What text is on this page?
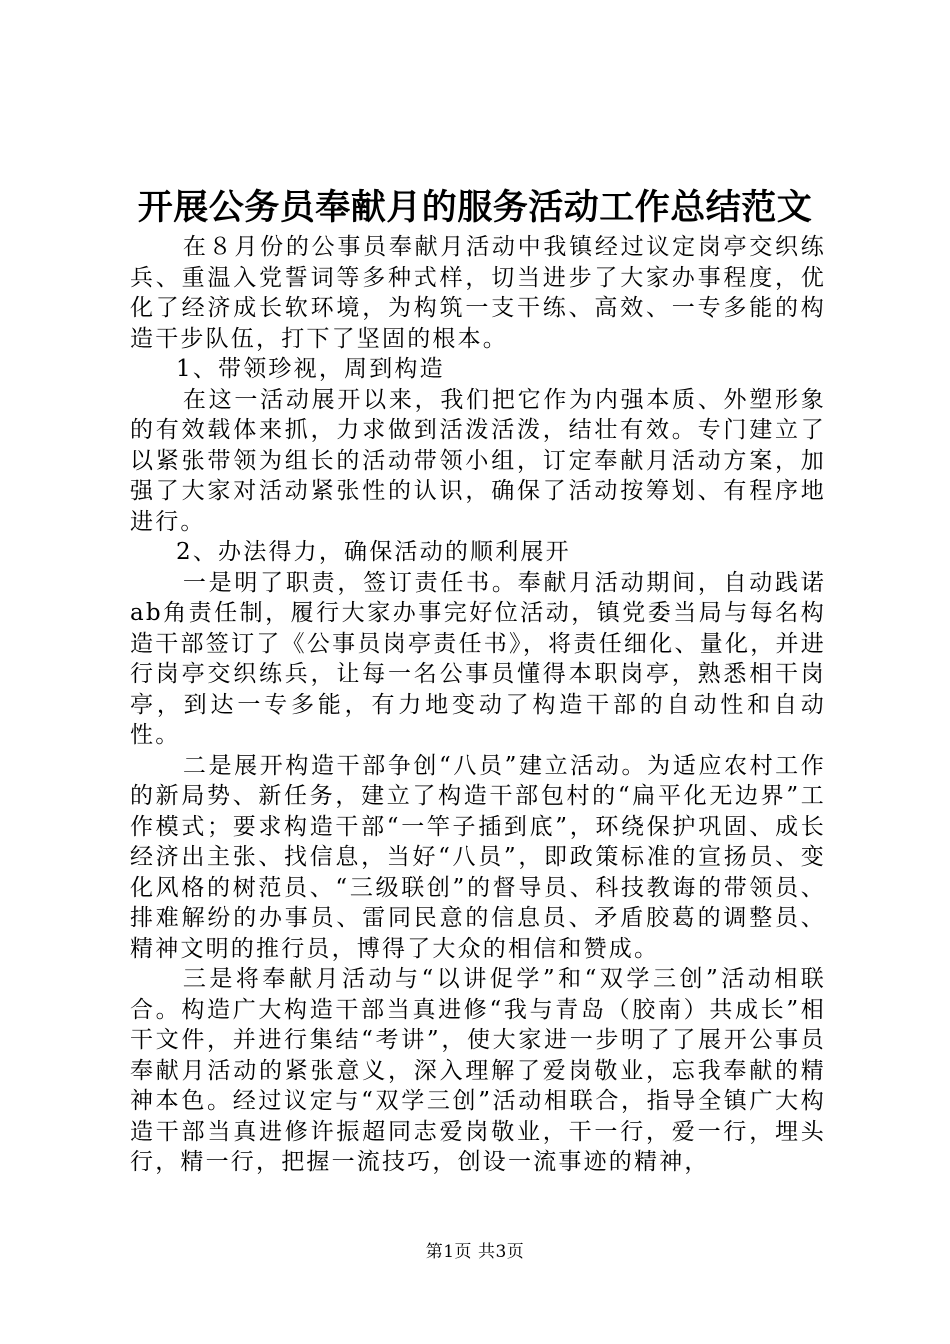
开展公务员奉献月的服务活动工作总结范文

在８月份的公事员奉献月活动中我镇经过议定岗亭交织练兵、重温入党誓词等多种式样，切当进步了大家办事程度，优化了经济成长软环境，为构筑一支干练、高效、一专多能的构造干步队伍，打下了坚固的根本。

1、带领珍视，周到构造

在这一活动展开以来，我们把它作为内强本质、外塑形象的有效载体来抓，力求做到活泼活泼，结壮有效。专门建立了以紧张带领为组长的活动带领小组，订定奉献月活动方案，加强了大家对活动紧张性的认识，确保了活动按筹划、有程序地进行。

2、办法得力，确保活动的顺利展开

一是明了职责，签订责任书。奉献月活动期间，自动践诺ab角责任制，履行大家办事完好位活动，镇党委当局与每名构造干部签订了《公事员岗亭责任书》，将责任细化、量化，并进行岗亭交织练兵，让每一名公事员懂得本职岗亭，熟悉相干岗亭，到达一专多能，有力地变动了构造干部的自动性和自动性。

二是展开构造干部争创“八员”建立活动。为适应农村工作的新局势、新任务，建立了构造干部包村的“扁平化无边界”工作模式；要求构造干部“一竿子插到底”，环绕保护巩固、成长经济出主张、找信息，当好“八员”，即政策标准的宣扬员、变化风格的树范员、“三级联创”的督导员、科技教诲的带领员、排难解纷的办事员、雷同民意的信息员、矛盾胶葛的调整员、精神文明的推行员，博得了大众的相信和赞成。

三是将奉献月活动与“以讲促学”和“双学三创”活动相联合。构造广大构造干部当真进修“我与青岛（胶南）共成长”相干文件，并进行集结“考讲”，使大家进一步明了了展开公事员奉献月活动的紧张意义，深入理解了爱岗敬业，忘我奉献的精神本色。经过议定与“双学三创”活动相联合，指导全镇广大构造干部当真进修许振超同志爱岗敬业，干一行，爱一行，埋头行，精一行，把握一流技巧，创设一流事迹的精神，

第1页 共3页
